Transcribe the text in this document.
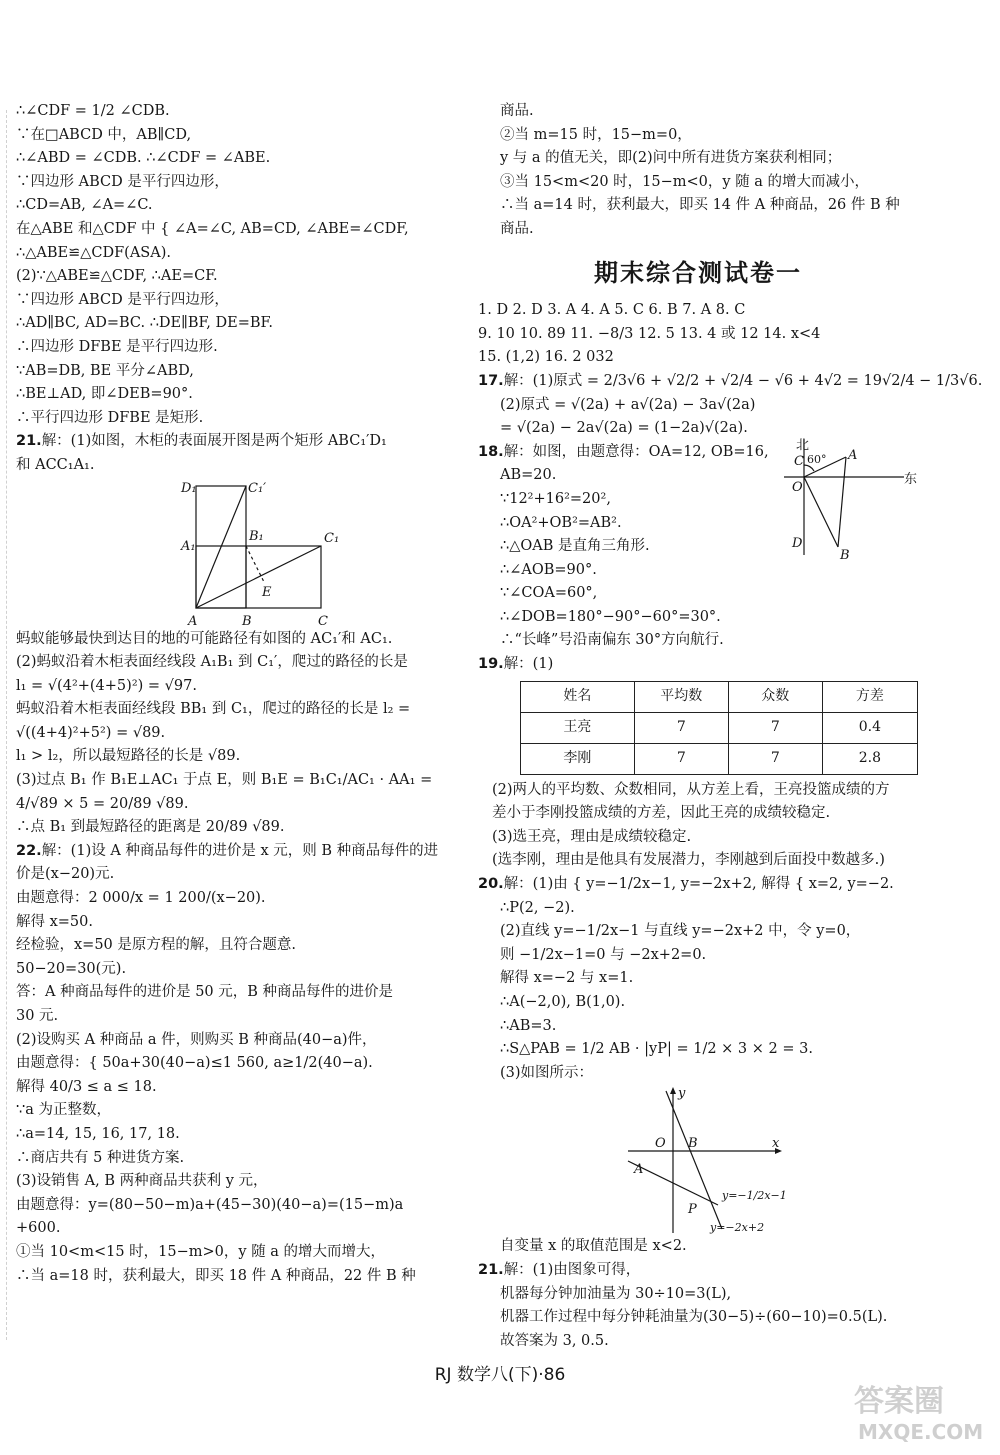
∴∠CDF = 1/2 ∠CDB.
∵在□ABCD 中，AB∥CD,
∴∠ABD = ∠CDB. ∴∠CDF = ∠ABE.
∵四边形 ABCD 是平行四边形，
∴CD=AB, ∠A=∠C.
在△ABE 和△CDF 中 { ∠A=∠C, AB=CD, ∠ABE=∠CDF,
∴△ABE≌△CDF(ASA).
(2)∵△ABE≌△CDF, ∴AE=CF.
∵四边形 ABCD 是平行四边形，
∴AD∥BC, AD=BC. ∴DE∥BF, DE=BF.
∴四边形 DFBE 是平行四边形.
∵AB=DB, BE 平分∠ABD,
∴BE⊥AD, 即∠DEB=90°.
∴平行四边形 DFBE 是矩形.
21.解：(1)如图，木柜的表面展开图是两个矩形 ABC₁′D₁
和 ACC₁A₁.
D₁	C₁′
A₁
B₁	C₁
E
A	B	C
蚂蚁能够最快到达目的地的可能路径有如图的 AC₁′和 AC₁.
(2)蚂蚁沿着木柜表面经线段 A₁B₁ 到 C₁′，爬过的路径的长是
l₁ = √(4²+(4+5)²) = √97.
蚂蚁沿着木柜表面经线段 BB₁ 到 C₁，爬过的路径的长是 l₂ =
√((4+4)²+5²) = √89.
l₁ > l₂，所以最短路径的长是 √89.
(3)过点 B₁ 作 B₁E⊥AC₁ 于点 E，则 B₁E = B₁C₁/AC₁ · AA₁ =
4/√89 × 5 = 20/89 √89.
∴点 B₁ 到最短路径的距离是 20/89 √89.
22.解：(1)设 A 种商品每件的进价是 x 元，则 B 种商品每件的进
价是(x−20)元.
由题意得：2 000/x = 1 200/(x−20).
解得 x=50.
经检验，x=50 是原方程的解，且符合题意.
50−20=30(元).
答：A 种商品每件的进价是 50 元，B 种商品每件的进价是
30 元.
(2)设购买 A 种商品 a 件，则购买 B 种商品(40−a)件，
由题意得：{ 50a+30(40−a)≤1 560, a≥1/2(40−a).
解得 40/3 ≤ a ≤ 18.
∵a 为正整数，
∴a=14, 15, 16, 17, 18.
∴商店共有 5 种进货方案.
(3)设销售 A, B 两种商品共获利 y 元，
由题意得：y=(80−50−m)a+(45−30)(40−a)=(15−m)a
+600.
①当 10<m<15 时，15−m>0，y 随 a 的增大而增大，
∴当 a=18 时，获利最大，即买 18 件 A 种商品，22 件 B 种
商品.
②当 m=15 时，15−m=0，
y 与 a 的值无关，即(2)问中所有进货方案获利相同；
③当 15<m<20 时，15−m<0，y 随 a 的增大而减小，
∴当 a=14 时，获利最大，即买 14 件 A 种商品，26 件 B 种
商品.
期末综合测试卷一
1. D 2. D 3. A 4. A 5. C 6. B 7. A 8. C
9. 10 10. 89 11. −8/3 12. 5 13. 4 或 12 14. x<4
15. (1,2) 16. 2 032
17.解：(1)原式 = 2/3√6 + √2/2 + √2/4 − √6 + 4√2 = 19√2/4 − 1/3√6.
(2)原式 = √(2a) + a√(2a) − 3a√(2a)
= √(2a) − 2a√(2a) = (1−2a)√(2a).
18.解：如图，由题意得：OA=12, OB=16,
AB=20.
∵12²+16²=20²,
∴OA²+OB²=AB².
∴△OAB 是直角三角形.
∴∠AOB=90°.
∵∠COA=60°,
∴∠DOB=180°−90°−60°=30°.
∴“长峰”号沿南偏东 30°方向航行.
北
东
C	A
O
D
B
60°
19.解：(1)
姓名	平均数	众数	方差
王亮	7	7	0.4
李刚	7	7	2.8
(2)两人的平均数、众数相同，从方差上看，王亮投篮成绩的方
差小于李刚投篮成绩的方差，因此王亮的成绩较稳定.
(3)选王亮，理由是成绩较稳定.
(选李刚，理由是他具有发展潜力，李刚越到后面投中数越多.)
20.解：(1)由 { y=−1/2x−1, y=−2x+2, 解得 { x=2, y=−2.
∴P(2, −2).
(2)直线 y=−1/2x−1 与直线 y=−2x+2 中，令 y=0，
则 −1/2x−1=0 与 −2x+2=0.
解得 x=−2 与 x=1.
∴A(−2,0), B(1,0).
∴AB=3.
∴S△PAB = 1/2 AB · |yP| = 1/2 × 3 × 2 = 3.
(3)如图所示：
y
x
O B
A
P
y=−1/2x−1
y=−2x+2
自变量 x 的取值范围是 x<2.
21.解：(1)由图象可得，
机器每分钟加油量为 30÷10=3(L),
机器工作过程中每分钟耗油量为(30−5)÷(60−10)=0.5(L).
故答案为 3, 0.5.
RJ 数学八(下)·86
答案圈
MXQE.COM
